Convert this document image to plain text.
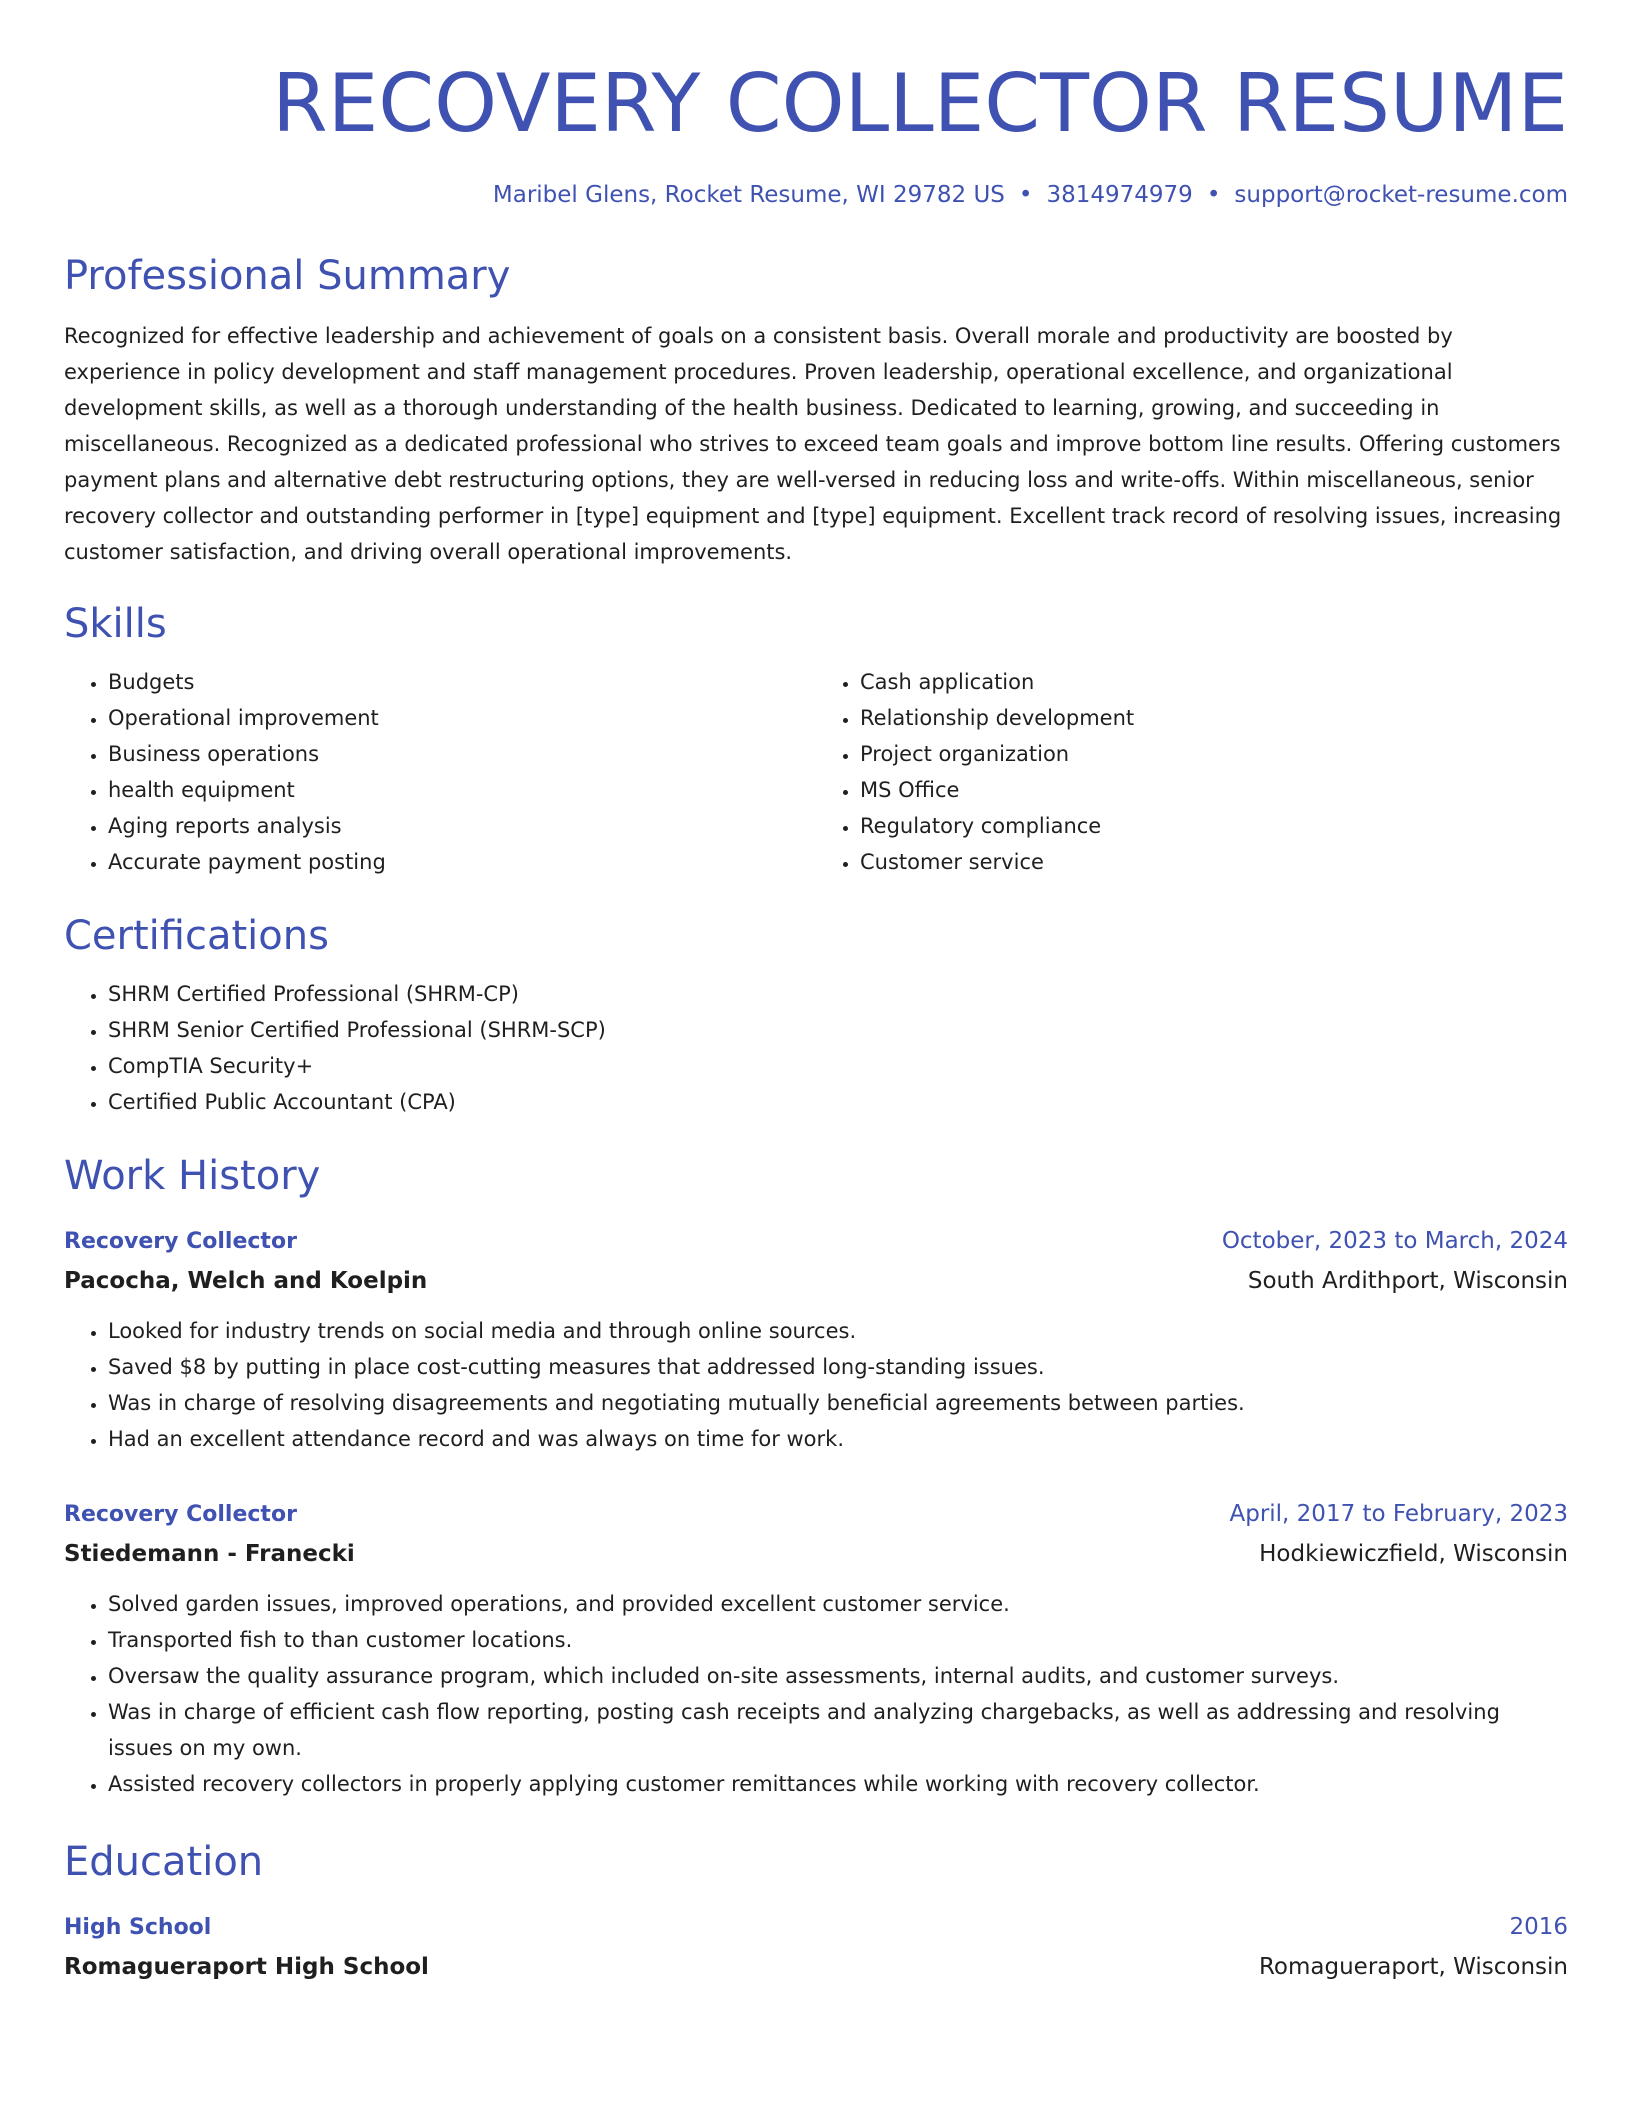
RECOVERY COLLECTOR RESUME
Maribel Glens, Rocket Resume, WI 29782 US • 3814974979 • support@rocket-resume.com
Professional Summary

Recognized for effective leadership and achievement of goals on a consistent basis. Overall morale and productivity are boosted by experience in policy development and staff management procedures. Proven leadership, operational excellence, and organizational development skills, as well as a thorough understanding of the health business. Dedicated to learning, growing, and succeeding in miscellaneous. Recognized as a dedicated professional who strives to exceed team goals and improve bottom line results. Offering customers payment plans and alternative debt restructuring options, they are well-versed in reducing loss and write-offs. Within miscellaneous, senior recovery collector and outstanding performer in [type] equipment and [type] equipment. Excellent track record of resolving issues, increasing customer satisfaction, and driving overall operational improvements.

Skills
• Budgets
• Operational improvement
• Business operations
• health equipment
• Aging reports analysis
• Accurate payment posting
• Cash application
• Relationship development
• Project organization
• MS Office
• Regulatory compliance
• Customer service
Certifications
• SHRM Certified Professional (SHRM-CP)
• SHRM Senior Certified Professional (SHRM-SCP)
• CompTIA Security+
• Certified Public Accountant (CPA)
Work History
Recovery Collector	October, 2023 to March, 2024
Pacocha, Welch and Koelpin	South Ardithport, Wisconsin
• Looked for industry trends on social media and through online sources.
• Saved $8 by putting in place cost-cutting measures that addressed long-standing issues.
• Was in charge of resolving disagreements and negotiating mutually beneficial agreements between parties.
• Had an excellent attendance record and was always on time for work.
Recovery Collector	April, 2017 to February, 2023
Stiedemann - Franecki	Hodkiewiczfield, Wisconsin
• Solved garden issues, improved operations, and provided excellent customer service.
• Transported fish to than customer locations.
• Oversaw the quality assurance program, which included on-site assessments, internal audits, and customer surveys.
• Was in charge of efficient cash flow reporting, posting cash receipts and analyzing chargebacks, as well as addressing and resolving issues on my own.
• Assisted recovery collectors in properly applying customer remittances while working with recovery collector.
Education
High School	2016
Romagueraport High School	Romagueraport, Wisconsin
